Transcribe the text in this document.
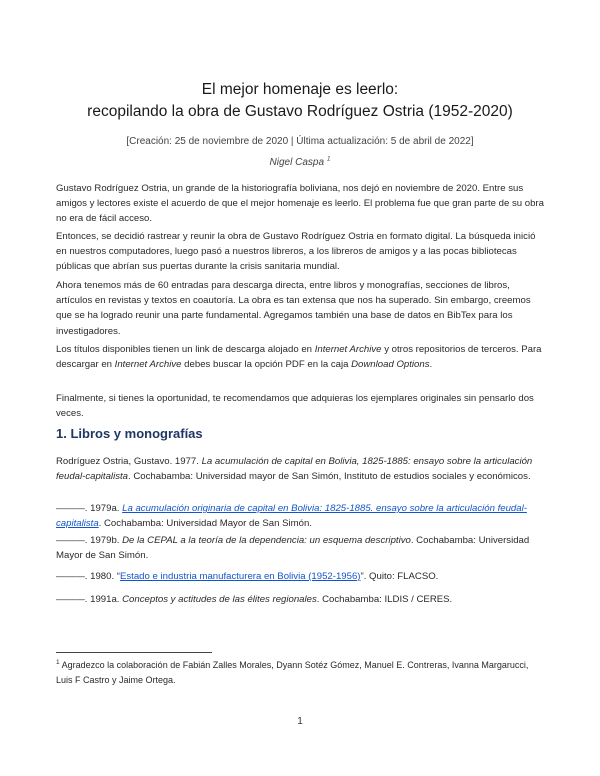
El mejor homenaje es leerlo:
recopilando la obra de Gustavo Rodríguez Ostria (1952-2020)
[Creación: 25 de noviembre de 2020 | Última actualización: 5 de abril de 2022]
Nigel Caspa $^1$

Gustavo Rodríguez Ostria, un grande de la historiografía boliviana, nos dejó en noviembre de 2020. Entre sus amigos y lectores existe el acuerdo de que el mejor homenaje es leerlo. El problema fue que gran parte de su obra no era de fácil acceso.

Entonces, se decidió rastrear y reunir la obra de Gustavo Rodríguez Ostria en formato digital. La búsqueda inició en nuestros computadores, luego pasó a nuestros libreros, a los libreros de amigos y a las pocas bibliotecas públicas que abrían sus puertas durante la crisis sanitaria mundial.

Ahora tenemos más de 60 entradas para descarga directa, entre libros y monografías, secciones de libros, artículos en revistas y textos en coautoría. La obra es tan extensa que nos ha superado. Sin embargo, creemos que se ha logrado reunir una parte fundamental. Agregamos también una base de datos en BibTex para los investigadores.

Los títulos disponibles tienen un link de descarga alojado en Internet Archive y otros repositorios de terceros. Para descargar en Internet Archive debes buscar la opción PDF en la caja Download Options.

Finalmente, si tienes la oportunidad, te recomendamos que adquieras los ejemplares originales sin pensarlo dos veces.

1. Libros y monografías

Rodríguez Ostria, Gustavo. 1977. La acumulación de capital en Bolivia, 1825-1885: ensayo sobre la articulación feudal-capitalista. Cochabamba: Universidad mayor de San Simón, Instituto de estudios sociales y económicos.

———. 1979a. La acumulación originaria de capital en Bolivia: 1825-1885. ensayo sobre la articulación feudal-capitalista. Cochabamba: Universidad Mayor de San Simón.

———. 1979b. De la CEPAL a la teoría de la dependencia: un esquema descriptivo. Cochabamba: Universidad Mayor de San Simón.

———. 1980. “Estado e industria manufacturera en Bolivia (1952-1956)”. Quito: FLACSO.

———. 1991a. Conceptos y actitudes de las élites regionales. Cochabamba: ILDIS / CERES.

$^1$ Agradezco la colaboración de Fabián Zalles Morales, Dyann Sotéz Gómez, Manuel E. Contreras, Ivanna Margarucci, Luis F Castro y Jaime Ortega.

1
